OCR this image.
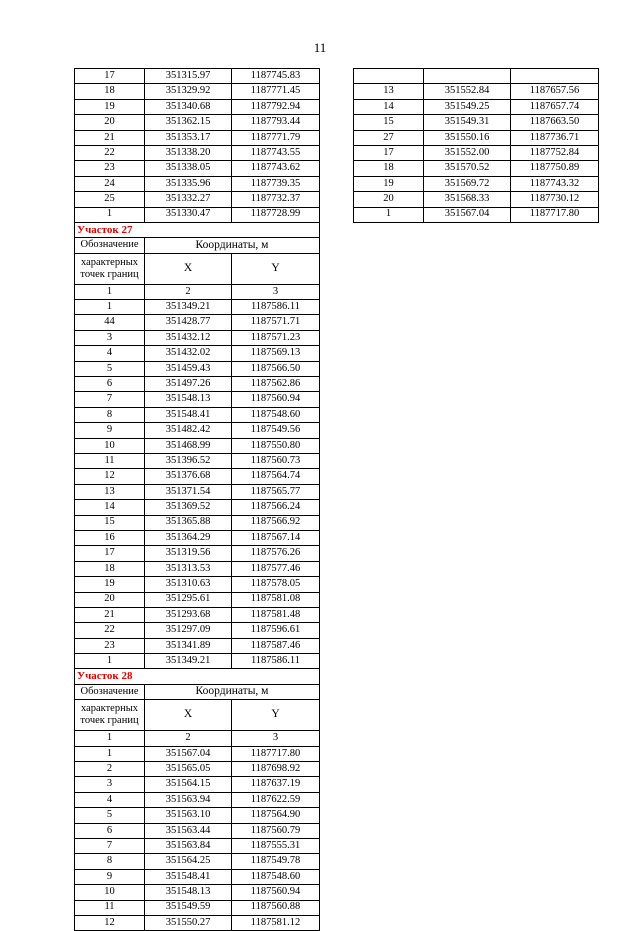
11
17	351315.97	1187745.83
18	351329.92	1187771.45
19	351340.68	1187792.94
20	351362.15	1187793.44
21	351353.17	1187771.79
22	351338.20	1187743.55
23	351338.05	1187743.62
24	351335.96	1187739.35
25	351332.27	1187732.37
1	351330.47	1187728.99
Участок 27		
Обозначение	Координаты, м	
характерных точек границ	X	Y
1	2	3
1	351349.21	1187586.11
44	351428.77	1187571.71
3	351432.12	1187571.23
4	351432.02	1187569.13
5	351459.43	1187566.50
6	351497.26	1187562.86
7	351548.13	1187560.94
8	351548.41	1187548.60
9	351482.42	1187549.56
10	351468.99	1187550.80
11	351396.52	1187560.73
12	351376.68	1187564.74
13	351371.54	1187565.77
14	351369.52	1187566.24
15	351365.88	1187566.92
16	351364.29	1187567.14
17	351319.56	1187576.26
18	351313.53	1187577.46
19	351310.63	1187578.05
20	351295.61	1187581.08
21	351293.68	1187581.48
22	351297.09	1187596.61
23	351341.89	1187587.46
1	351349.21	1187586.11
Участок 28		
Обозначение	Координаты, м	
характерных точек границ	X	Y
1	2	3
1	351567.04	1187717.80
2	351565.05	1187698.92
3	351564.15	1187637.19
4	351563.94	1187622.59
5	351563.10	1187564.90
6	351563.44	1187560.79
7	351563.84	1187555.31
8	351564.25	1187549.78
9	351548.41	1187548.60
10	351548.13	1187560.94
11	351549.59	1187560.88
12	351550.27	1187581.12

13	351552.84	1187657.56
14	351549.25	1187657.74
15	351549.31	1187663.50
27	351550.16	1187736.71
17	351552.00	1187752.84
18	351570.52	1187750.89
19	351569.72	1187743.32
20	351568.33	1187730.12
1	351567.04	1187717.80
